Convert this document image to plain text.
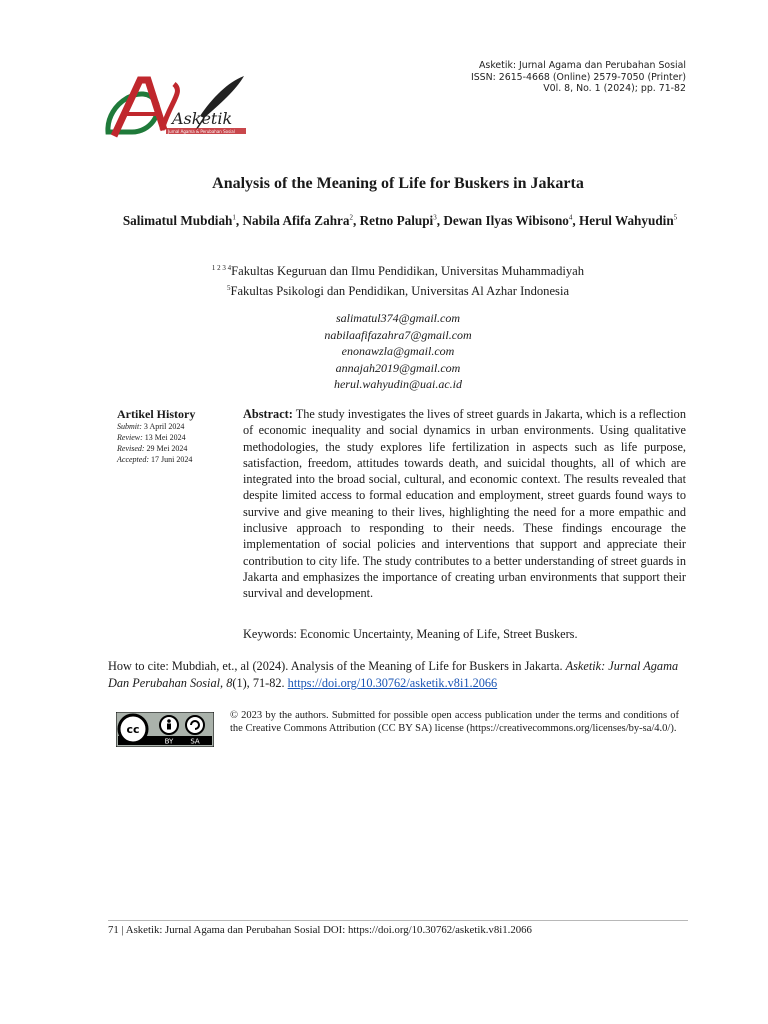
Asketik: Jurnal Agama dan Perubahan Sosial
ISSN: 2615-4668 (Online) 2579-7050 (Printer)
V0l. 8, No. 1 (2024); pp. 71-82
Asketik
Jurnal Agama & Perubahan Sosial
Analysis of the Meaning of Life for Buskers in Jakarta
Salimatul Mubdiah$^1$, Nabila Afifa Zahra$^2$, Retno Palupi$^3$, Dewan Ilyas Wibisono$^4$, Herul Wahyudin$^5$
$^{1 2 3 4}$Fakultas Keguruan dan Ilmu Pendidikan, Universitas Muhammadiyah
$^5$Fakultas Psikologi dan Pendidikan, Universitas Al Azhar Indonesia
salimatul374@gmail.com
nabilaafifazahra7@gmail.com
enonawzla@gmail.com
annajah2019@gmail.com
herul.wahyudin@uai.ac.id
Artikel History
Submit: 3 April 2024
Review: 13 Mei 2024
Revised: 29 Mei 2024
Accepted: 17 Juni 2024
Abstract: The study investigates the lives of street guards in Jakarta, which is a reflection of economic inequality and social dynamics in urban environments. Using qualitative methodologies, the study explores life fertilization in aspects such as life purpose, satisfaction, freedom, attitudes towards death, and suicidal thoughts, all of which are integrated into the broad social, cultural, and economic context. The results revealed that despite limited access to formal education and employment, street guards found ways to survive and give meaning to their lives, highlighting the need for a more empathic and inclusive approach to responding to their needs. These findings encourage the implementation of social policies and interventions that support and appreciate their contribution to city life. The study contributes to a better understanding of street guards in Jakarta and emphasizes the importance of creating urban environments that support their survival and development.
Keywords: Economic Uncertainty, Meaning of Life, Street Buskers.
How to cite: Mubdiah, et., al (2024). Analysis of the Meaning of Life for Buskers in Jakarta. Asketik: Jurnal Agama Dan Perubahan Sosial, 8(1), 71-82. https://doi.org/10.30762/asketik.v8i1.2066
cc
BY SA
© 2023 by the authors. Submitted for possible open access publication under the terms and conditions of the Creative Commons Attribution (CC BY SA) license (https://creativecommons.org/licenses/by-sa/4.0/).
71 | Asketik: Jurnal Agama dan Perubahan Sosial DOI: https://doi.org/10.30762/asketik.v8i1.2066
